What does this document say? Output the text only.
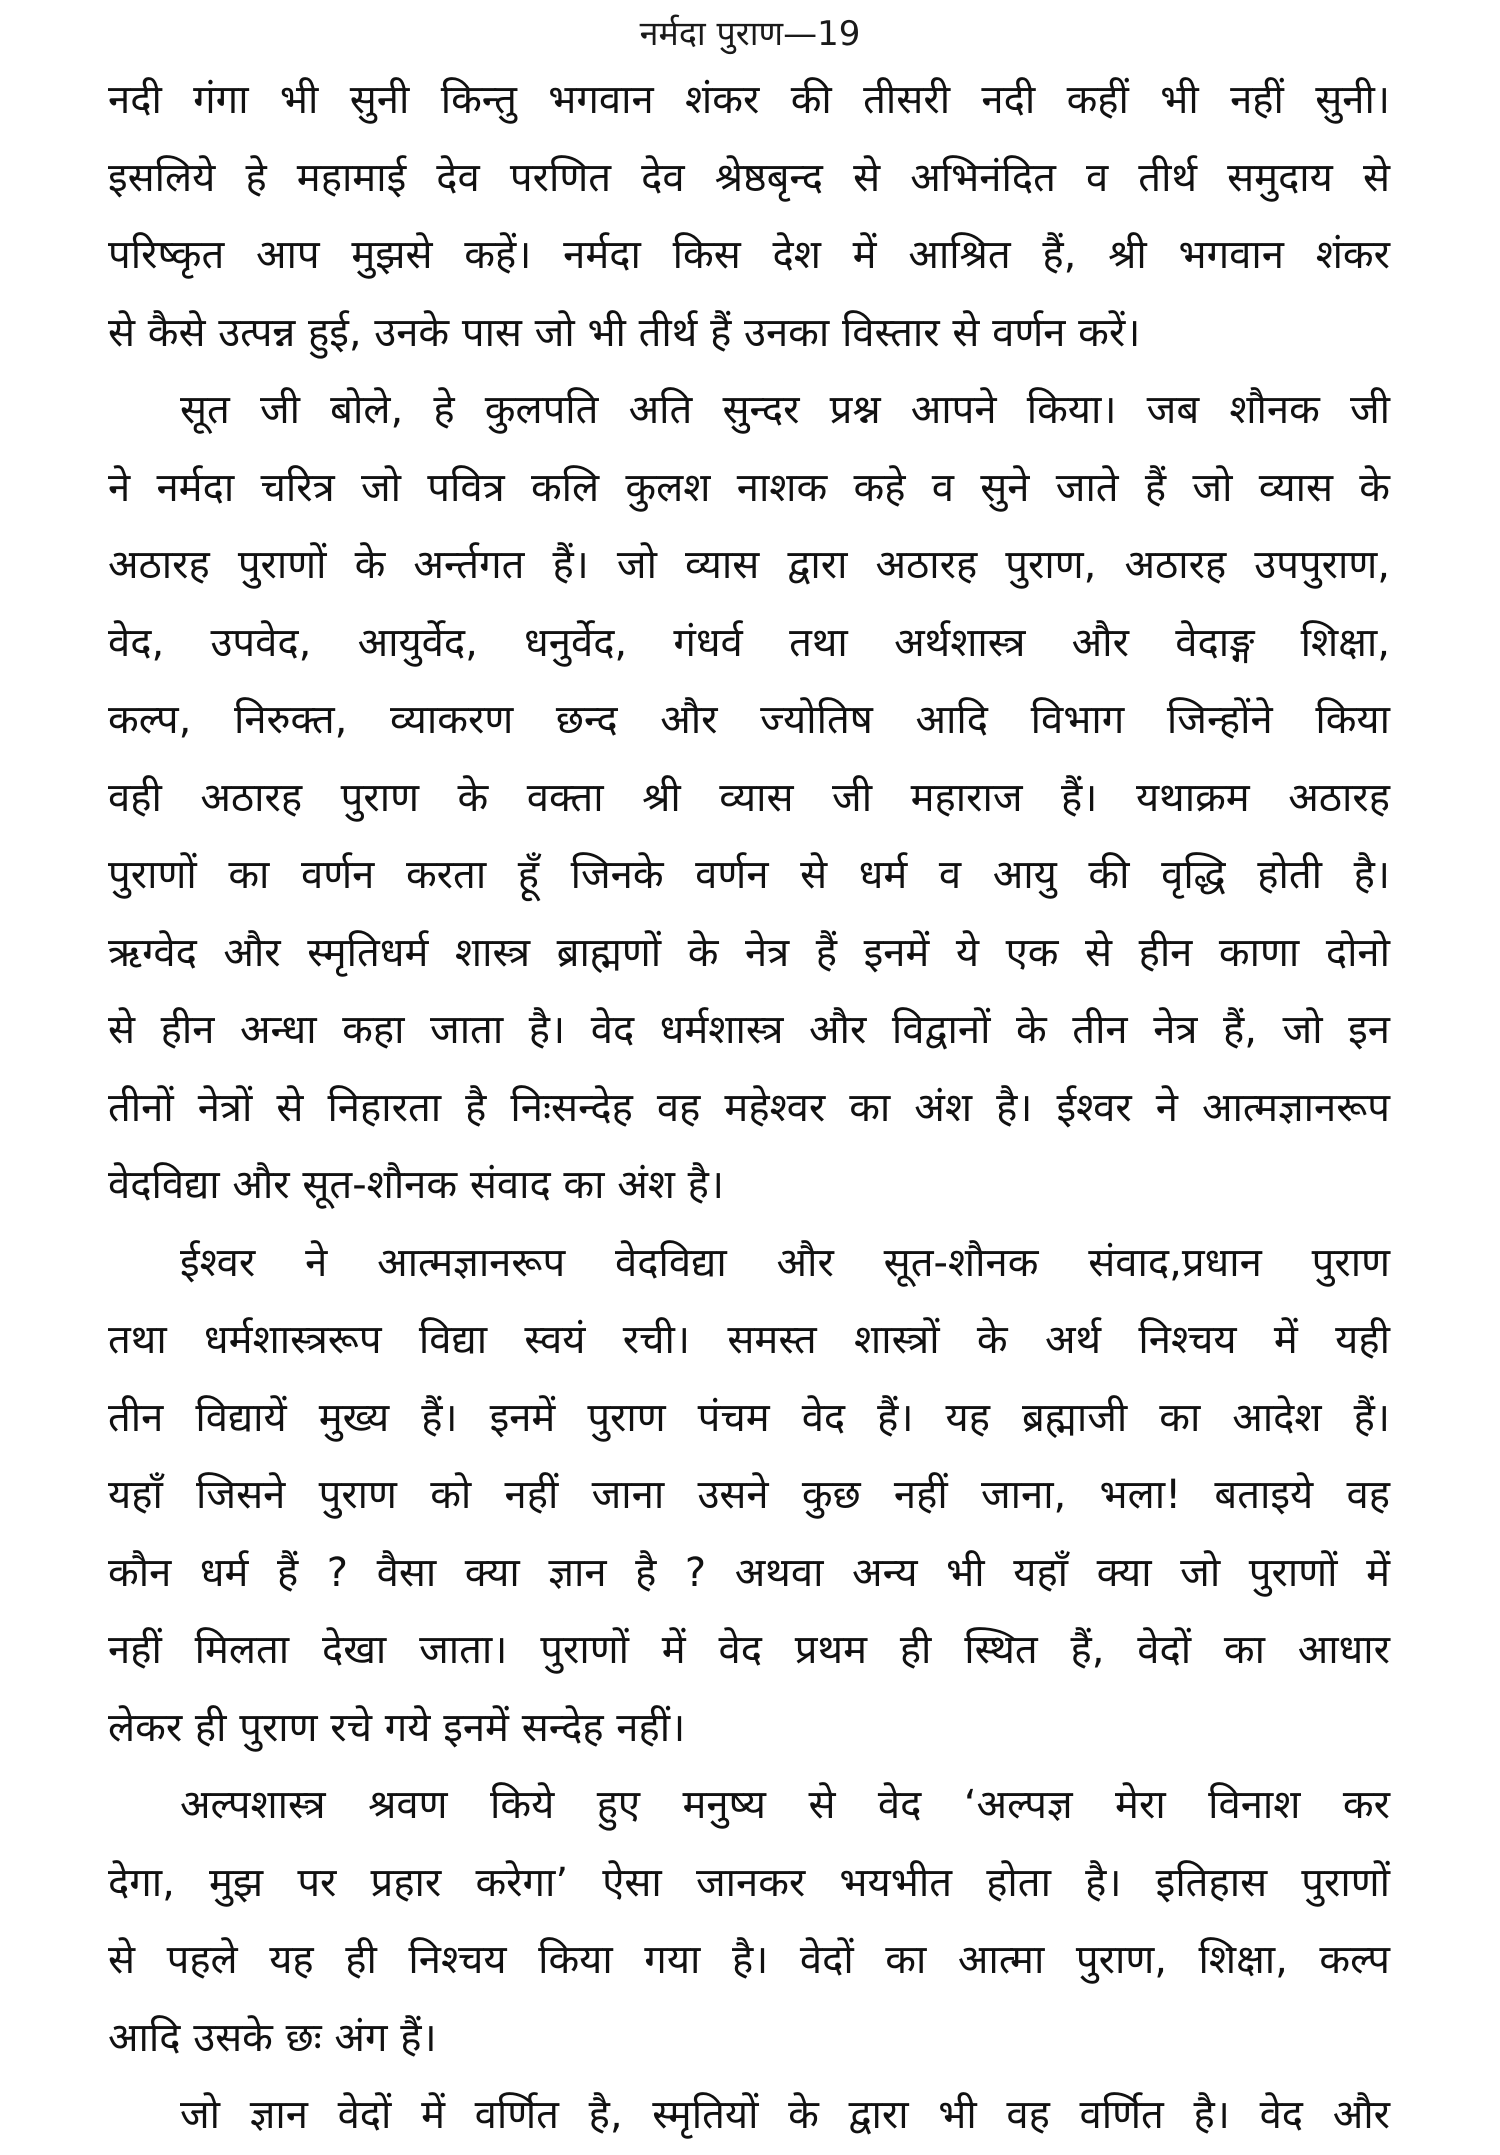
नर्मदा पुराण—19
नदी गंगा भी सुनी किन्तु भगवान शंकर की तीसरी नदी कहीं भी नहीं सुनी।
इसलिये हे महामाई देव परणित देव श्रेष्ठबृन्द से अभिनंदित व तीर्थ समुदाय से
परिष्कृत आप मुझसे कहें। नर्मदा किस देश में आश्रित हैं, श्री भगवान शंकर
से कैसे उत्पन्न हुई, उनके पास जो भी तीर्थ हैं उनका विस्तार से वर्णन करें।
सूत जी बोले, हे कुलपति अति सुन्दर प्रश्न आपने किया। जब शौनक जी
ने नर्मदा चरित्र जो पवित्र कलि कुलश नाशक कहे व सुने जाते हैं जो व्यास के
अठारह पुराणों के अर्न्तगत हैं। जो व्यास द्वारा अठारह पुराण, अठारह उपपुराण,
वेद, उपवेद, आयुर्वेद, धनुर्वेद, गंधर्व तथा अर्थशास्त्र और वेदाङ्ग शिक्षा,
कल्प, निरुक्त, व्याकरण छन्द और ज्योतिष आदि विभाग जिन्होंने किया
वही अठारह पुराण के वक्ता श्री व्यास जी महाराज हैं। यथाक्रम अठारह
पुराणों का वर्णन करता हूँ जिनके वर्णन से धर्म व आयु की वृद्धि होती है।
ऋग्वेद और स्मृतिधर्म शास्त्र ब्राह्मणों के नेत्र हैं इनमें ये एक से हीन काणा दोनो
से हीन अन्धा कहा जाता है। वेद धर्मशास्त्र और विद्वानों के तीन नेत्र हैं, जो इन
तीनों नेत्रों से निहारता है निःसन्देह वह महेश्वर का अंश है। ईश्वर ने आत्मज्ञानरूप
वेदविद्या और सूत-शौनक संवाद का अंश है।
ईश्वर ने आत्मज्ञानरूप वेदविद्या और सूत-शौनक संवाद,प्रधान पुराण
तथा धर्मशास्त्ररूप विद्या स्वयं रची। समस्त शास्त्रों के अर्थ निश्चय में यही
तीन विद्यायें मुख्य हैं। इनमें पुराण पंचम वेद हैं। यह ब्रह्माजी का आदेश हैं।
यहाँ जिसने पुराण को नहीं जाना उसने कुछ नहीं जाना, भला! बताइये वह
कौन धर्म हैं ? वैसा क्या ज्ञान है ? अथवा अन्य भी यहाँ क्या जो पुराणों में
नहीं मिलता देखा जाता। पुराणों में वेद प्रथम ही स्थित हैं, वेदों का आधार
लेकर ही पुराण रचे गये इनमें सन्देह नहीं।
अल्पशास्त्र श्रवण किये हुए मनुष्य से वेद ‘अल्पज्ञ मेरा विनाश कर
देगा, मुझ पर प्रहार करेगा’ ऐसा जानकर भयभीत होता है। इतिहास पुराणों
से पहले यह ही निश्चय किया गया है। वेदों का आत्मा पुराण, शिक्षा, कल्प
आदि उसके छः अंग हैं।
जो ज्ञान वेदों में वर्णित है, स्मृतियों के द्वारा भी वह वर्णित है। वेद और
